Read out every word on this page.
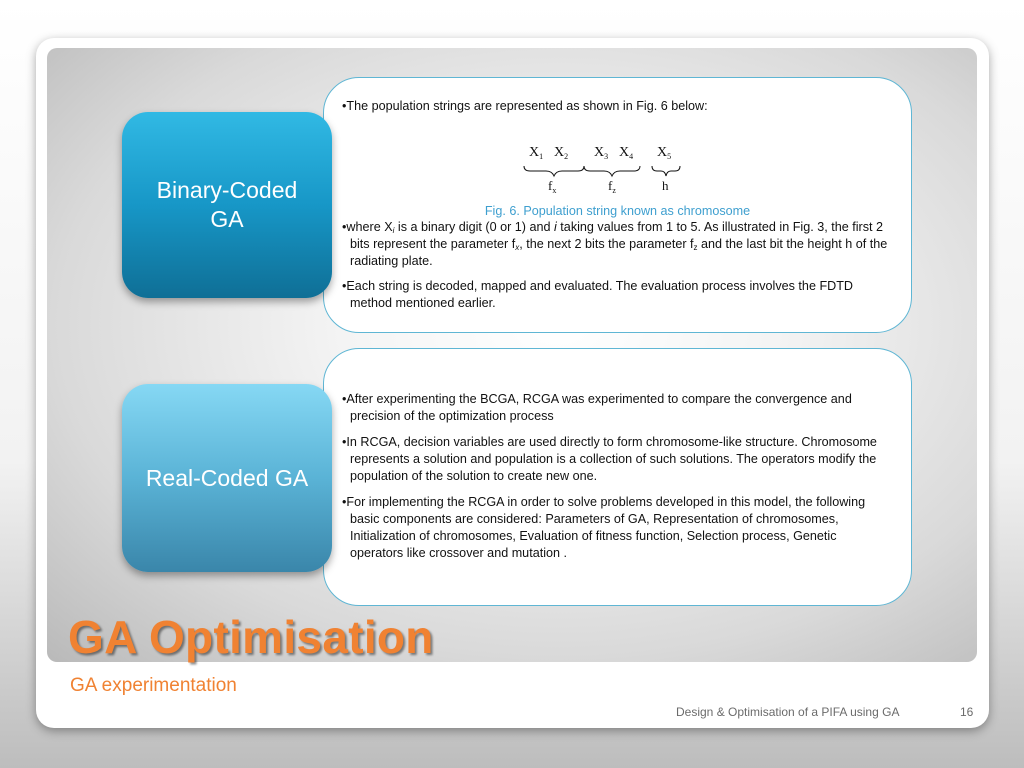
•The population strings are represented as shown in Fig. 6 below:
$X_1$ $X_2$ $X_3$ $X_4$ $X_5$
$f_x$	$f_z$	h
Fig. 6. Population string known as chromosome
•where $X_i$ is a binary digit (0 or 1) and i taking values from 1 to 5. As illustrated in Fig. 3, the first 2 bits represent the parameter $f_x$, the next 2 bits the parameter $f_z$ and the last bit the height h of the radiating plate.
•Each string is decoded, mapped and evaluated. The evaluation process involves the FDTD method mentioned earlier.
•After experimenting the BCGA, RCGA was experimented to compare the convergence and precision of the optimization process
•In RCGA, decision variables are used directly to form chromosome-like structure. Chromosome represents a solution and population is a collection of such solutions. The operators modify the population of the solution to create new one.
•For implementing the RCGA in order to solve problems developed in this model, the following basic components are considered: Parameters of GA, Representation of chromosomes, Initialization of chromosomes, Evaluation of fitness function, Selection process, Genetic operators like crossover and mutation .
Binary-Coded
GA
Real-Coded GA
GA Optimisation
GA experimentation
Design & Optimisation of a PIFA using GA	16
